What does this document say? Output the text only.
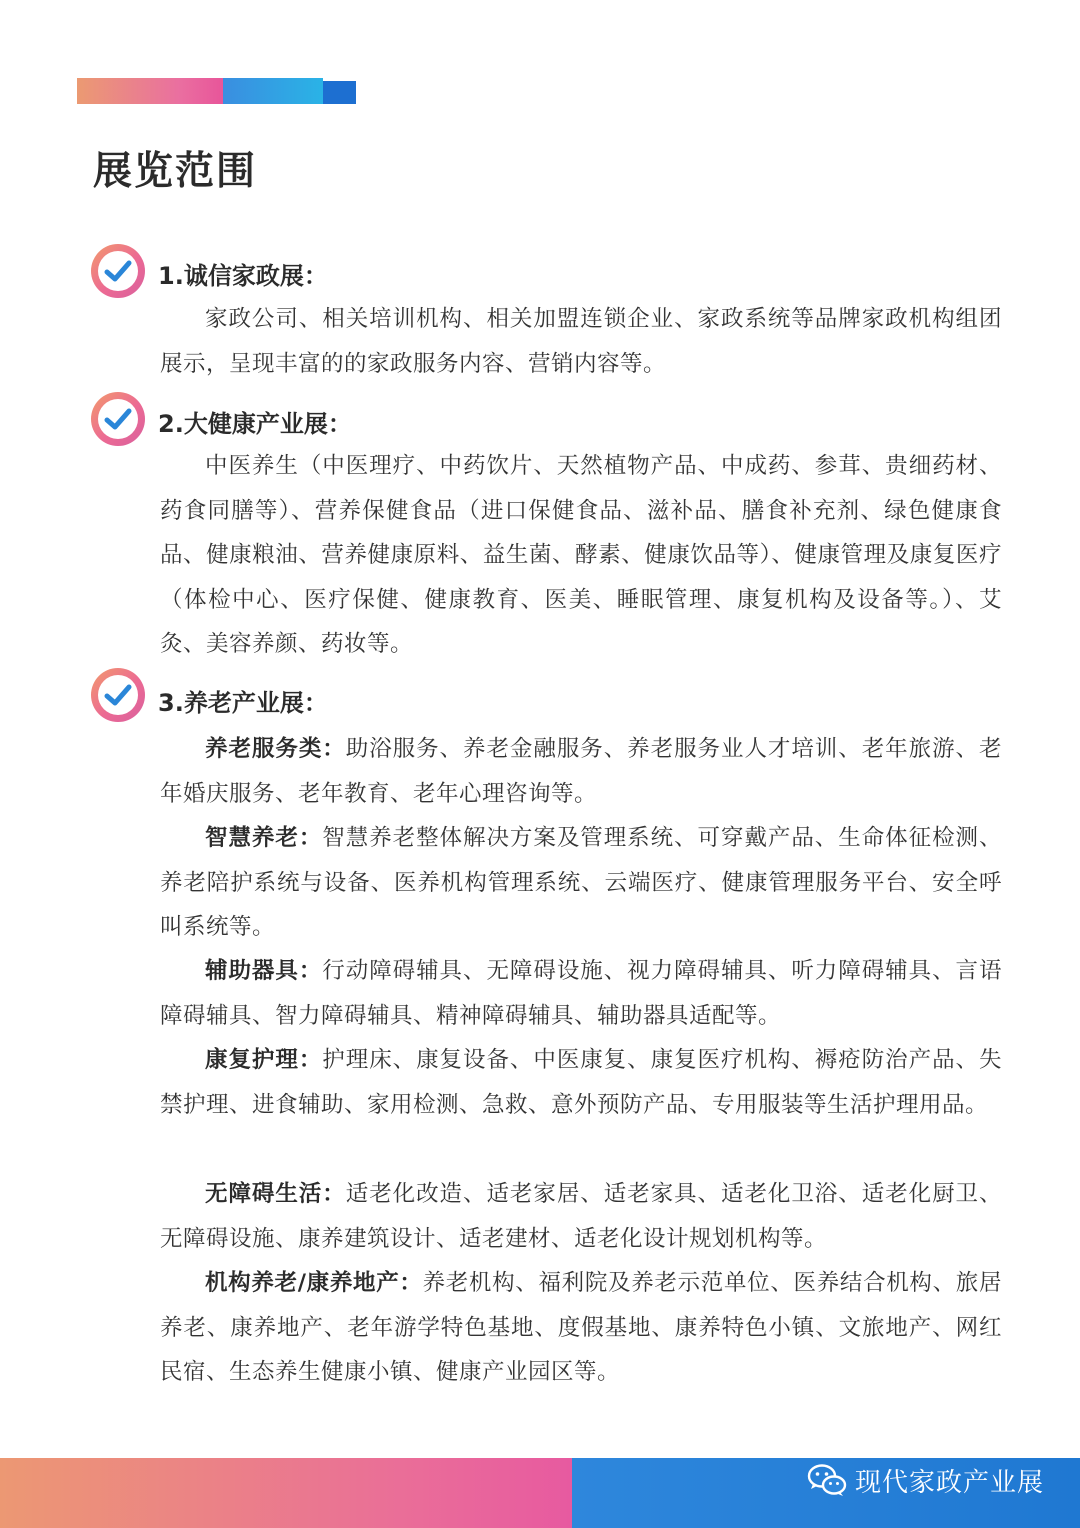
展览范围
1.诚信家政展：

家政公司、相关培训机构、相关加盟连锁企业、家政系统等品牌家政机构组团展示，呈现丰富的的家政服务内容、营销内容等。

2.大健康产业展：

中医养生（中医理疗、中药饮片、天然植物产品、中成药、参茸、贵细药材、药食同膳等）、营养保健食品（进口保健食品、滋补品、膳食补充剂、绿色健康食品、健康粮油、营养健康原料、益生菌、酵素、健康饮品等）、健康管理及康复医疗（体检中心、医疗保健、健康教育、医美、睡眠管理、康复机构及设备等。）、艾灸、美容养颜、药妆等。

3.养老产业展：

养老服务类：助浴服务、养老金融服务、养老服务业人才培训、老年旅游、老年婚庆服务、老年教育、老年心理咨询等。

智慧养老：智慧养老整体解决方案及管理系统、可穿戴产品、生命体征检测、养老陪护系统与设备、医养机构管理系统、云端医疗、健康管理服务平台、安全呼叫系统等。

辅助器具：行动障碍辅具、无障碍设施、视力障碍辅具、听力障碍辅具、言语障碍辅具、智力障碍辅具、精神障碍辅具、辅助器具适配等。

康复护理：护理床、康复设备、中医康复、康复医疗机构、褥疮防治产品、失禁护理、进食辅助、家用检测、急救、意外预防产品、专用服装等生活护理用品。

无障碍生活：适老化改造、适老家居、适老家具、适老化卫浴、适老化厨卫、无障碍设施、康养建筑设计、适老建材、适老化设计规划机构等。

机构养老/康养地产：养老机构、福利院及养老示范单位、医养结合机构、旅居养老、康养地产、老年游学特色基地、度假基地、康养特色小镇、文旅地产、网红民宿、生态养生健康小镇、健康产业园区等。

现代家政产业展
